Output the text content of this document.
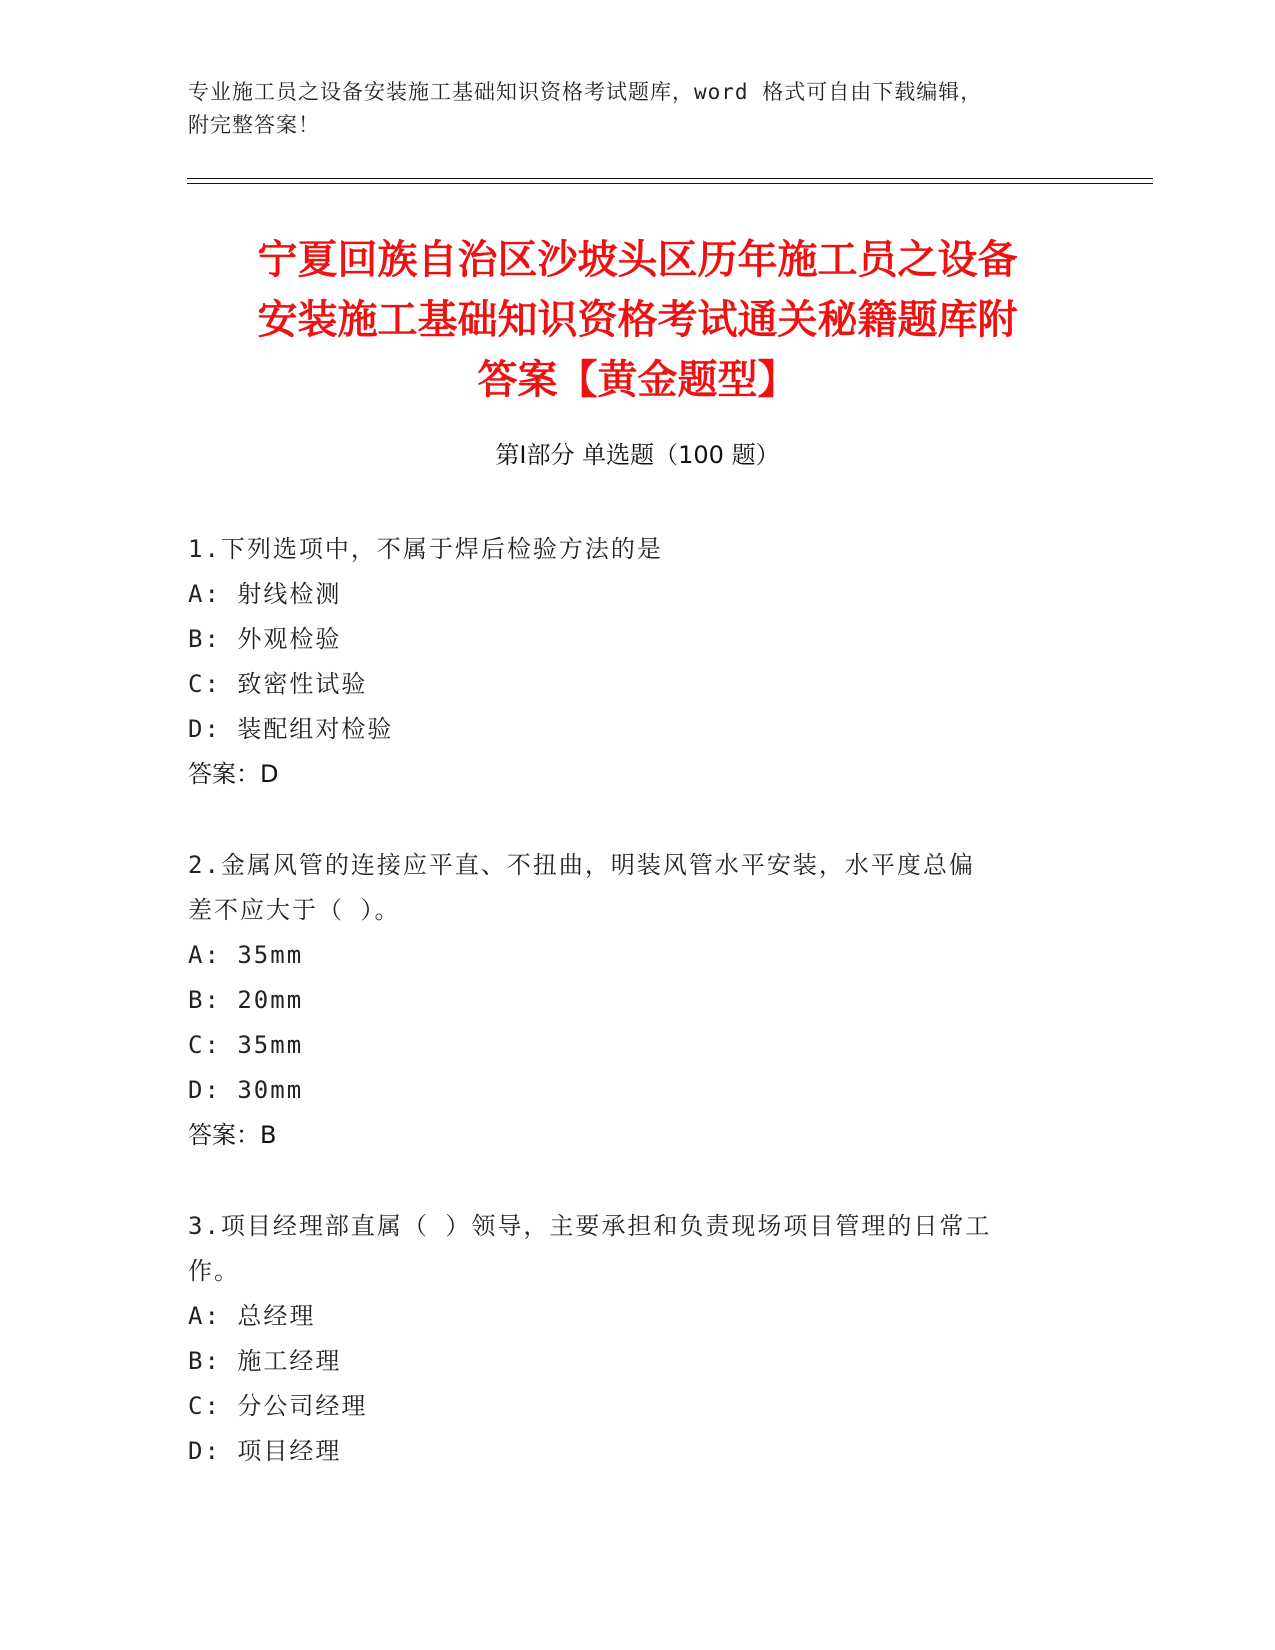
专业施工员之设备安装施工基础知识资格考试题库，word 格式可自由下载编辑，
附完整答案！
宁夏回族自治区沙坡头区历年施工员之设备
安装施工基础知识资格考试通关秘籍题库附
答案【黄金题型】
第Ⅰ部分 单选题（100 题）

1.下列选项中，不属于焊后检验方法的是

A: 射线检测

B: 外观检验

C: 致密性试验

D: 装配组对检验

答案：D

2.金属风管的连接应平直、不扭曲，明装风管水平安装，水平度总偏

差不应大于（ ）。

A: 35mm

B: 20mm

C: 35mm

D: 30mm

答案：B

3.项目经理部直属（ ）领导，主要承担和负责现场项目管理的日常工

作。

A: 总经理

B: 施工经理

C: 分公司经理

D: 项目经理
